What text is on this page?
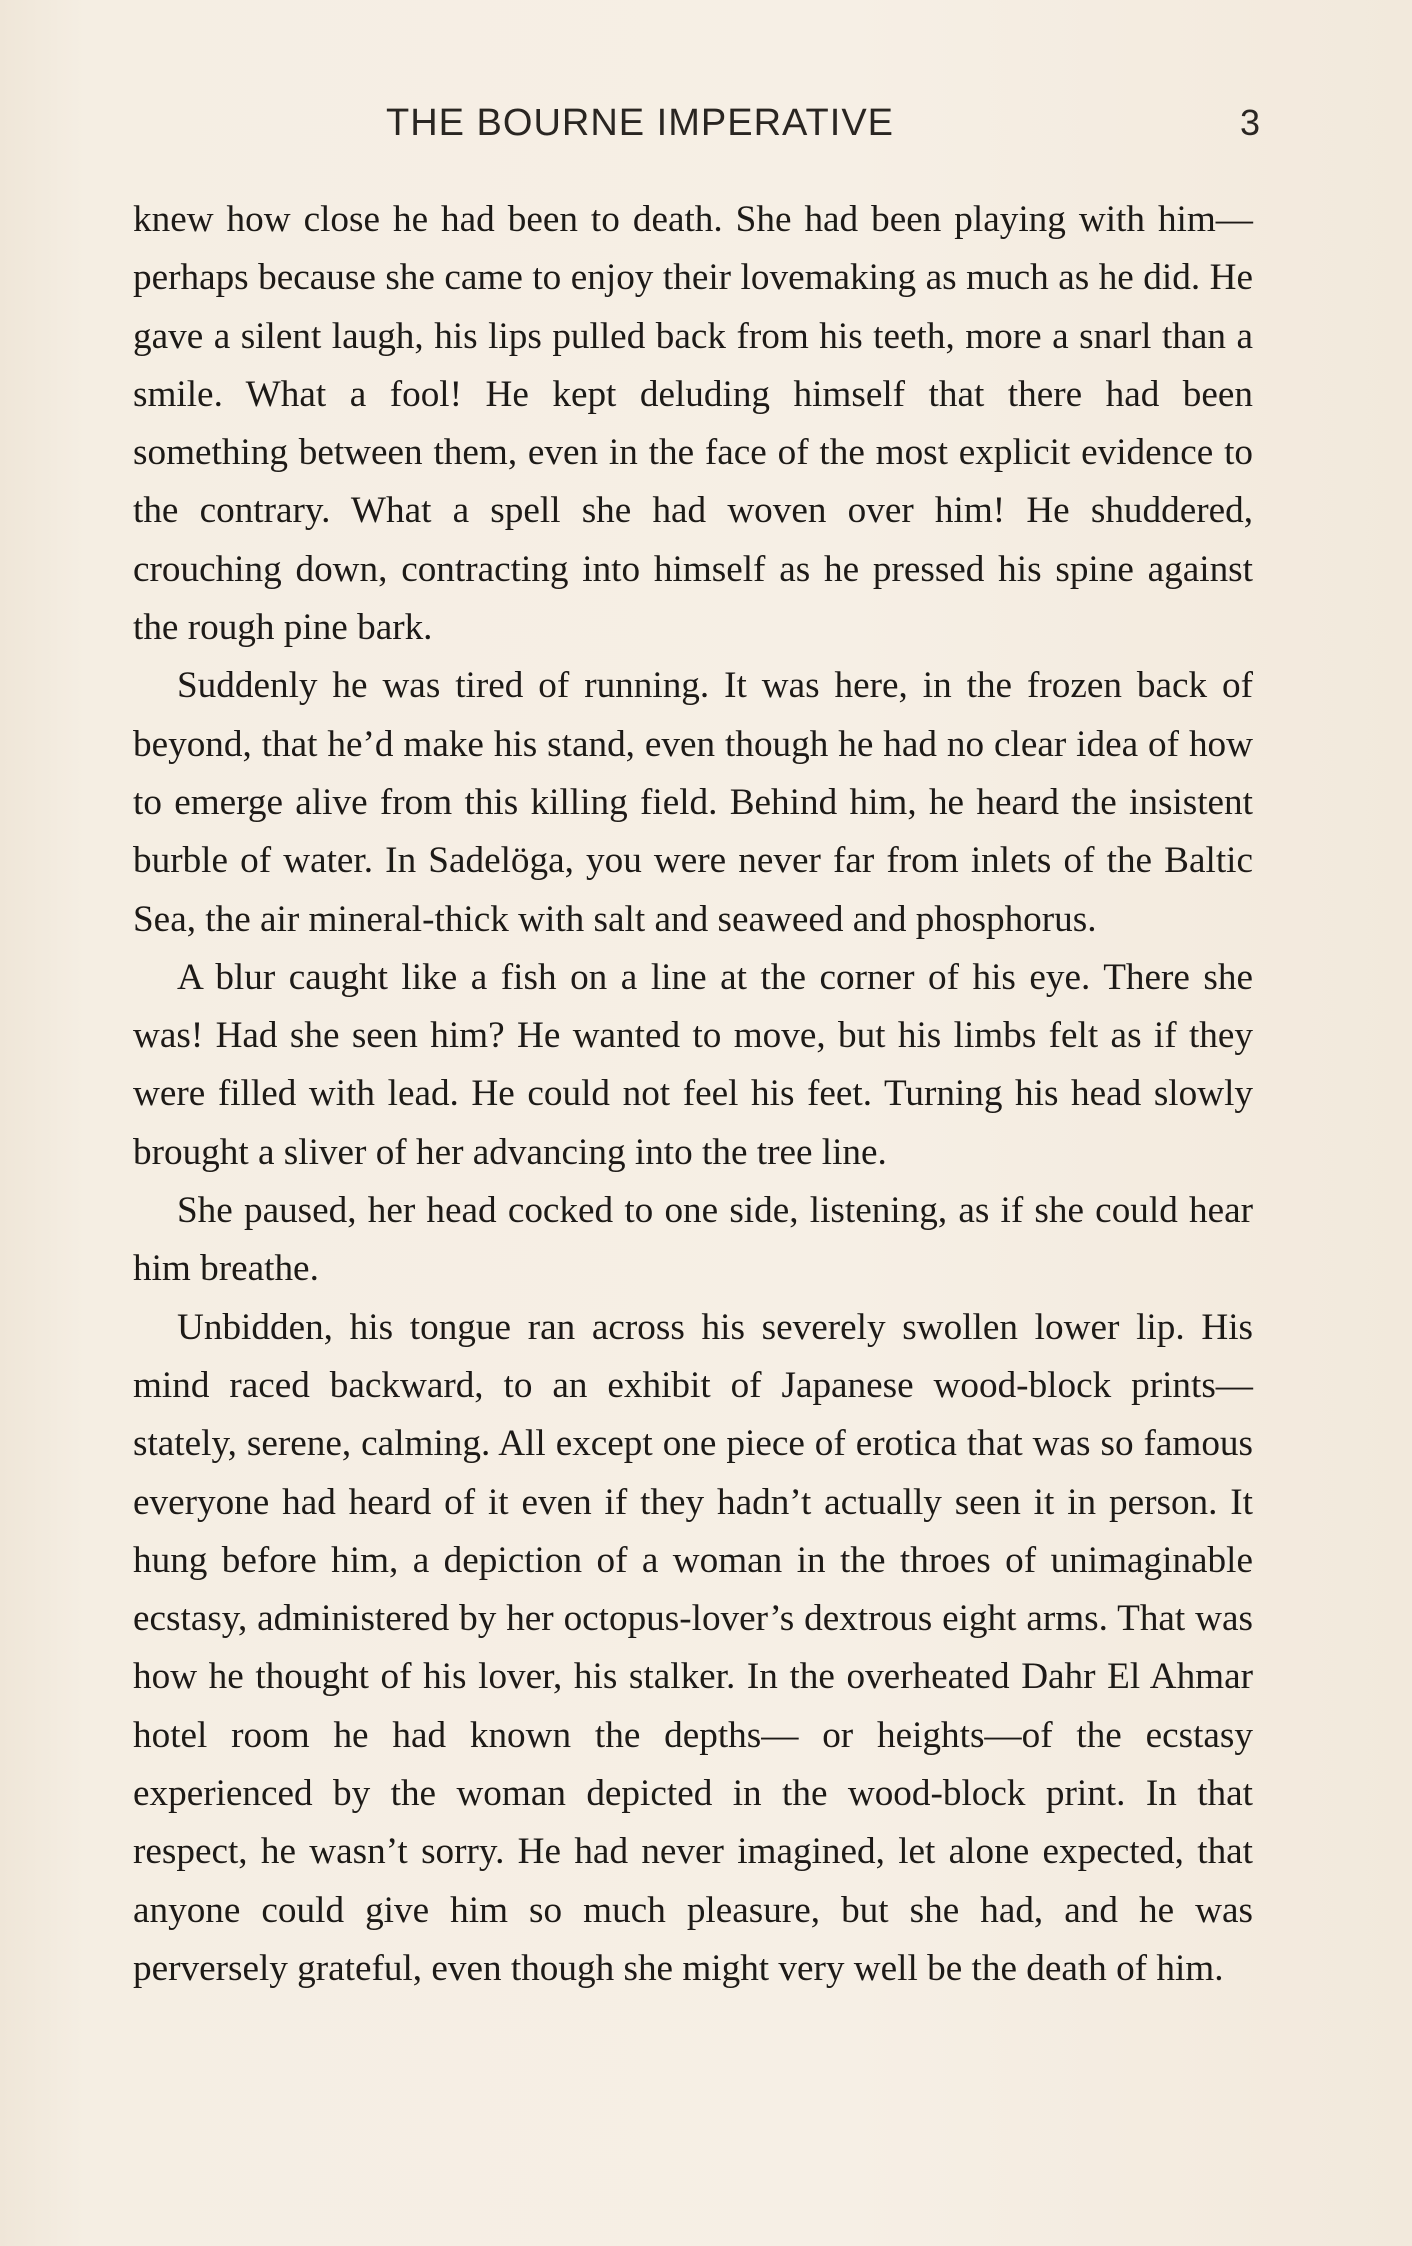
THE BOURNE IMPERATIVE	3

knew how close he had been to death. She had been playing with him—perhaps because she came to enjoy their lovemaking as much as he did. He gave a silent laugh, his lips pulled back from his teeth, more a snarl than a smile. What a fool! He kept deluding himself that there had been something between them, even in the face of the most explicit evidence to the contrary. What a spell she had woven over him! He shuddered, crouching down, contracting into himself as he pressed his spine against the rough pine bark.

Suddenly he was tired of running. It was here, in the frozen back of beyond, that he’d make his stand, even though he had no clear idea of how to emerge alive from this killing field. Behind him, he heard the insistent burble of water. In Sadelöga, you were never far from inlets of the Baltic Sea, the air mineral-thick with salt and seaweed and phosphorus.

A blur caught like a fish on a line at the corner of his eye. There she was! Had she seen him? He wanted to move, but his limbs felt as if they were filled with lead. He could not feel his feet. Turning his head slowly brought a sliver of her advancing into the tree line.

She paused, her head cocked to one side, listening, as if she could hear him breathe.

Unbidden, his tongue ran across his severely swollen lower lip. His mind raced backward, to an exhibit of Japanese wood-block prints— stately, serene, calming. All except one piece of erotica that was so famous everyone had heard of it even if they hadn’t actually seen it in person. It hung before him, a depiction of a woman in the throes of unimaginable ecstasy, administered by her octopus-lover’s dextrous eight arms. That was how he thought of his lover, his stalker. In the overheated Dahr El Ahmar hotel room he had known the depths— or heights—of the ecstasy experienced by the woman depicted in the wood-block print. In that respect, he wasn’t sorry. He had never imagined, let alone expected, that anyone could give him so much pleasure, but she had, and he was perversely grateful, even though she might very well be the death of him.
